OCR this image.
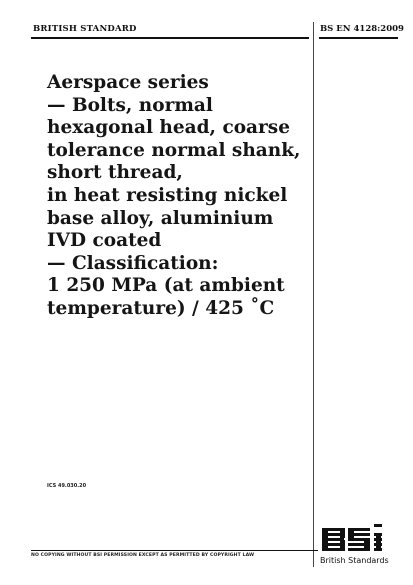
BRITISH STANDARD	BS EN 4128:2009
Aerspace series
— Bolts, normal
hexagonal head, coarse
tolerance normal shank,
short thread,
in heat resisting nickel
base alloy, aluminium
IVD coated
— Classification:
1 250 MPa (at ambient
temperature) / 425 ˚C
ICS 49.030.20
NO COPYING WITHOUT BSI PERMISSION EXCEPT AS PERMITTED BY COPYRIGHT LAW
British Standards
